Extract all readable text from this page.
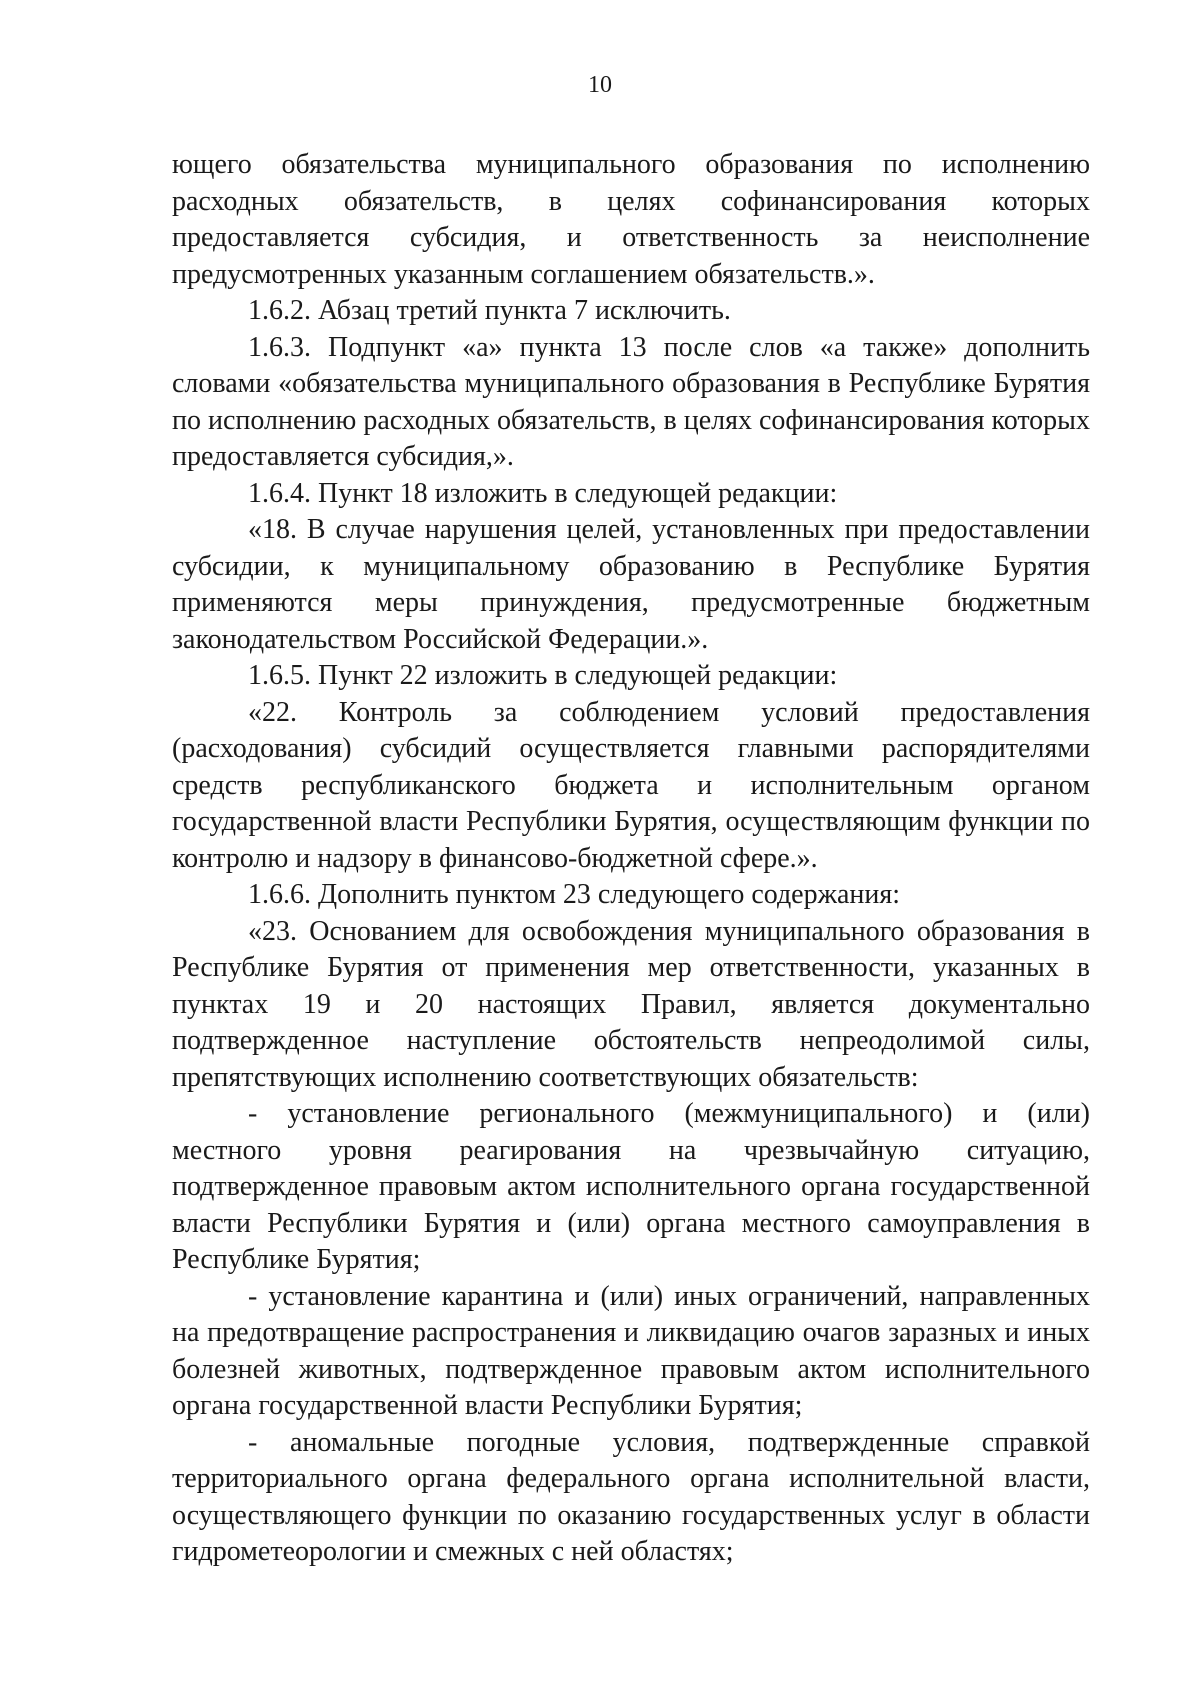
10

ющего обязательства муниципального образования по исполнению расходных обязательств, в целях софинансирования которых предоставляется субсидия, и ответственность за неисполнение предусмотренных указанным соглашением обязательств.».

1.6.2. Абзац третий пункта 7 исключить.

1.6.3. Подпункт «а» пункта 13 после слов «а также» дополнить словами «обязательства муниципального образования в Республике Бурятия по исполнению расходных обязательств, в целях софинансирования которых предоставляется субсидия,».

1.6.4. Пункт 18 изложить в следующей редакции:

«18. В случае нарушения целей, установленных при предоставлении субсидии, к муниципальному образованию в Республике Бурятия применяются меры принуждения, предусмотренные бюджетным законодательством Российской Федерации.».

1.6.5. Пункт 22 изложить в следующей редакции:

«22. Контроль за соблюдением условий предоставления (расходования) субсидий осуществляется главными распорядителями средств республиканского бюджета и исполнительным органом государственной власти Республики Бурятия, осуществляющим функции по контролю и надзору в финансово-бюджетной сфере.».

1.6.6. Дополнить пунктом 23 следующего содержания:

«23. Основанием для освобождения муниципального образования в Республике Бурятия от применения мер ответственности, указанных в пунктах 19 и 20 настоящих Правил, является документально подтвержденное наступление обстоятельств непреодолимой силы, препятствующих исполнению соответствующих обязательств:

- установление регионального (межмуниципального) и (или) местного уровня реагирования на чрезвычайную ситуацию, подтвержденное правовым актом исполнительного органа государственной власти Республики Бурятия и (или) органа местного самоуправления в Республике Бурятия;

- установление карантина и (или) иных ограничений, направленных на предотвращение распространения и ликвидацию очагов заразных и иных болезней животных, подтвержденное правовым актом исполнительного органа государственной власти Республики Бурятия;

- аномальные погодные условия, подтвержденные справкой территориального органа федерального органа исполнительной власти, осуществляющего функции по оказанию государственных услуг в области гидрометеорологии и смежных с ней областях;
